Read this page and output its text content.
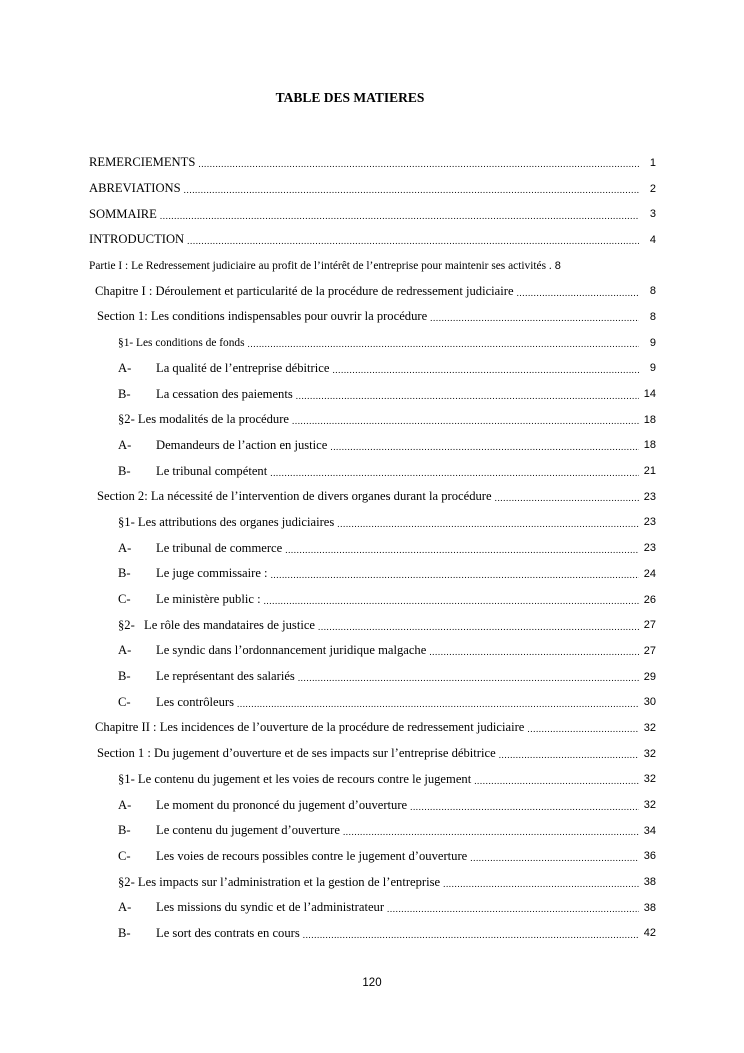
TABLE DES MATIERES
REMERCIEMENTS .....	1
ABREVIATIONS .....	2
SOMMAIRE .....	3
INTRODUCTION .....	4
Partie I : Le Redressement judiciaire au profit de l’intérêt de l’entreprise pour maintenir ses activités . 8
Chapitre I : Déroulement et particularité de la procédure de redressement judiciaire .....	8
Section 1: Les conditions indispensables pour ouvrir la procédure .....	8
§1- Les conditions de fonds .....	9
A-	La qualité de l’entreprise débitrice .....	9
B-	La cessation des paiements .....	14
§2- Les modalités de la procédure .....	18
A-	Demandeurs de l’action en justice .....	18
B-	Le tribunal compétent .....	21
Section 2: La nécessité de l’intervention de divers organes durant la procédure .....	23
§1- Les attributions des organes judiciaires .....	23
A-	Le tribunal de commerce .....	23
B-	Le juge commissaire : .....	24
C-	Le ministère public : .....	26
§2- Le rôle des mandataires de justice .....	27
A-	Le syndic dans l’ordonnancement juridique malgache .....	27
B-	Le représentant des salariés .....	29
C-	Les contrôleurs .....	30
Chapitre II : Les incidences de l’ouverture de la procédure de redressement judiciaire .....	32
Section 1 : Du jugement d’ouverture et de ses impacts sur l’entreprise débitrice .....	32
§1- Le contenu du jugement et les voies de recours contre le jugement .....	32
A-	Le moment du prononcé du jugement d’ouverture .....	32
B-	Le contenu du jugement d’ouverture .....	34
C-	Les voies de recours possibles contre le jugement d’ouverture .....	36
§2- Les impacts sur l’administration et la gestion de l’entreprise .....	38
A-	Les missions du syndic et de l’administrateur .....	38
B-	Le sort des contrats en cours .....	42
120
